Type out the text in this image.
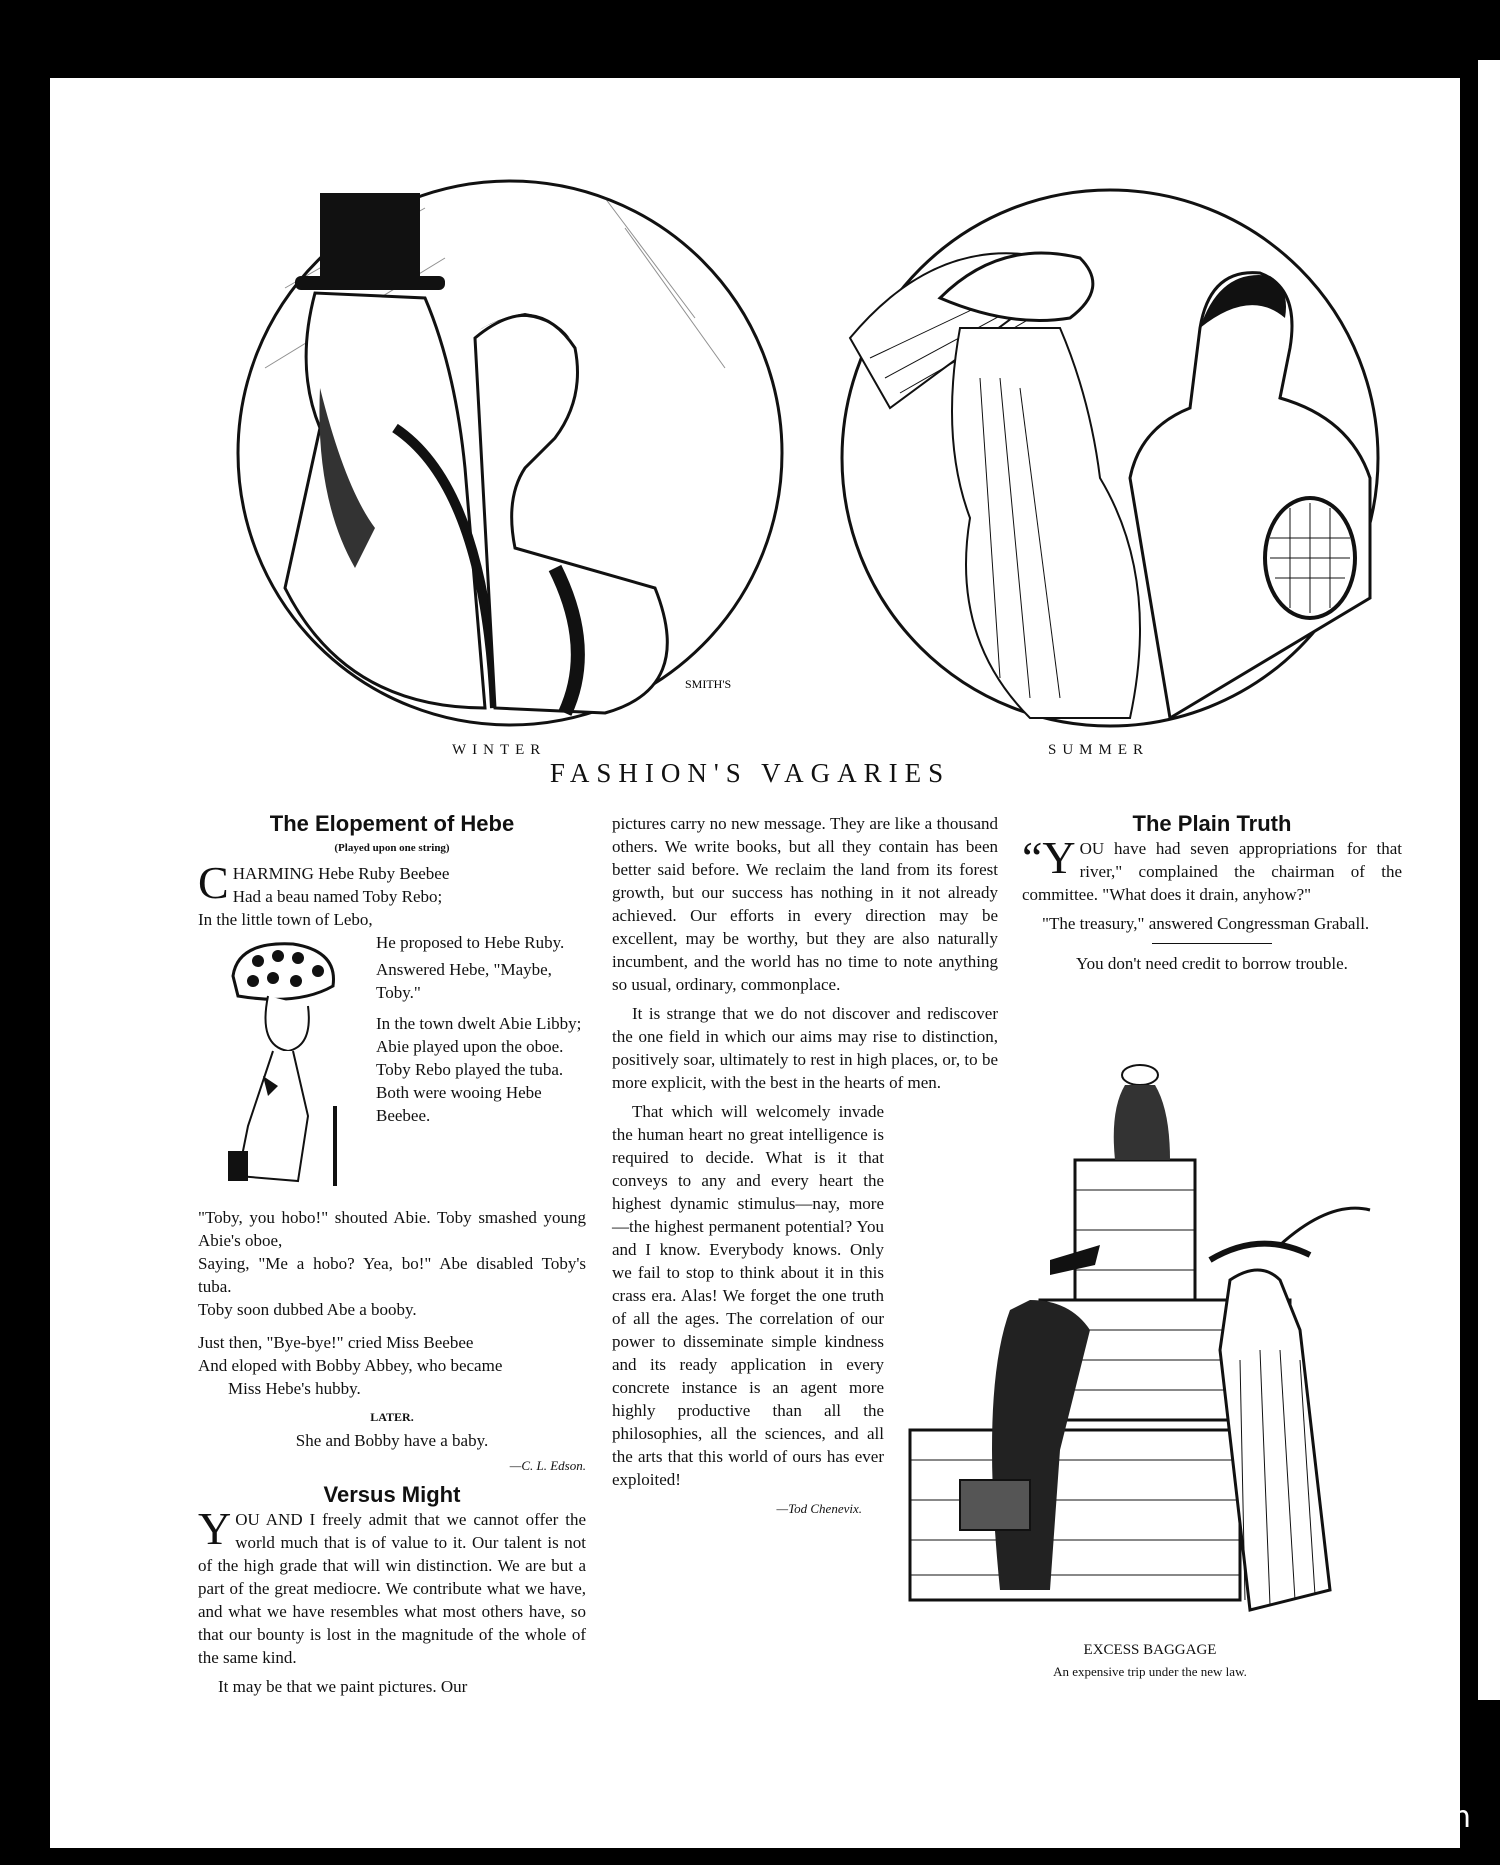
SMITH'S
WINTER	SUMMER
FASHION'S VAGARIES
The Elopement of Hebe
(Played upon one string)
CHARMING Hebe Ruby Beebee
Had a beau named Toby Rebo;
In the little town of Lebo,
He proposed to Hebe Ruby.
Answered Hebe, "Maybe, Toby."
In the town dwelt Abie Libby; Abie played upon the oboe.
Toby Rebo played the tuba. Both were wooing Hebe Beebee.
"Toby, you hobo!" shouted Abie. Toby smashed young Abie's oboe,
Saying, "Me a hobo? Yea, bo!" Abe disabled Toby's tuba.
Toby soon dubbed Abe a booby.
Just then, "Bye-bye!" cried Miss Beebee
And eloped with Bobby Abbey, who became
Miss Hebe's hubby.
LATER.
She and Bobby have a baby.
—C. L. Edson.
Versus Might

YOU AND I freely admit that we cannot offer the world much that is of value to it. Our talent is not of the high grade that will win distinction. We are but a part of the great mediocre. We contribute what we have, and what we have resembles what most others have, so that our bounty is lost in the magnitude of the whole of the same kind.

It may be that we paint pictures. Our

pictures carry no new message. They are like a thousand others. We write books, but all they contain has been better said before. We reclaim the land from its forest growth, but our success has nothing in it not already achieved. Our efforts in every direction may be excellent, may be worthy, but they are also naturally incumbent, and the world has no time to note anything so usual, ordinary, commonplace.

It is strange that we do not discover and rediscover the one field in which our aims may rise to distinction, positively soar, ultimately to rest in high places, or, to be more explicit, with the best in the hearts of men.

That which will welcomely invade the human heart no great intelligence is required to decide. What is it that conveys to any and every heart the highest dynamic stimulus—nay, more—the highest permanent potential? You and I know. Everybody knows. Only we fail to stop to think about it in this crass era. Alas! We forget the one truth of all the ages. The correlation of our power to disseminate simple kindness and its ready application in every concrete instance is an agent more highly productive than all the philosophies, all the sciences, and all the arts that this world of ours has ever exploited!

—Tod Chenevix.
The Plain Truth

“YOU have had seven appropriations for that river," complained the chairman of the committee. "What does it drain, anyhow?"

"The treasury," answered Congressman Graball.

You don't need credit to borrow trouble.

EXCESS BAGGAGE
An expensive trip under the new law.
comicbooks.com
